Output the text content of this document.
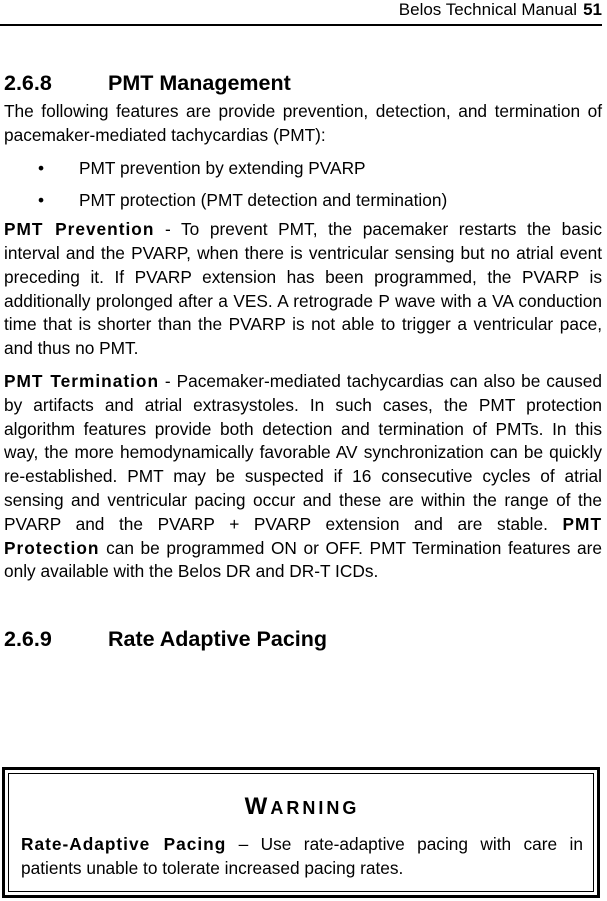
Belos Technical Manual 51
2.6.8	PMT Management

The following features are provide prevention, detection, and termination of pacemaker-mediated tachycardias (PMT):

• PMT prevention by extending PVARP
• PMT protection (PMT detection and termination)

PMT Prevention - To prevent PMT, the pacemaker restarts the basic interval and the PVARP, when there is ventricular sensing but no atrial event preceding it. If PVARP extension has been programmed, the PVARP is additionally prolonged after a VES. A retrograde P wave with a VA conduction time that is shorter than the PVARP is not able to trigger a ventricular pace, and thus no PMT.

PMT Termination - Pacemaker-mediated tachycardias can also be caused by artifacts and atrial extrasystoles. In such cases, the PMT protection algorithm features provide both detection and termination of PMTs. In this way, the more hemodynamically favorable AV synchronization can be quickly re-established. PMT may be suspected if 16 consecutive cycles of atrial sensing and ventricular pacing occur and these are within the range of the PVARP and the PVARP + PVARP extension and are stable. PMT Protection can be programmed ON or OFF. PMT Termination features are only available with the Belos DR and DR-T ICDs.

2.6.9	Rate Adaptive Pacing
WARNING
Rate-Adaptive Pacing – Use rate-adaptive pacing with care in patients unable to tolerate increased pacing rates.
